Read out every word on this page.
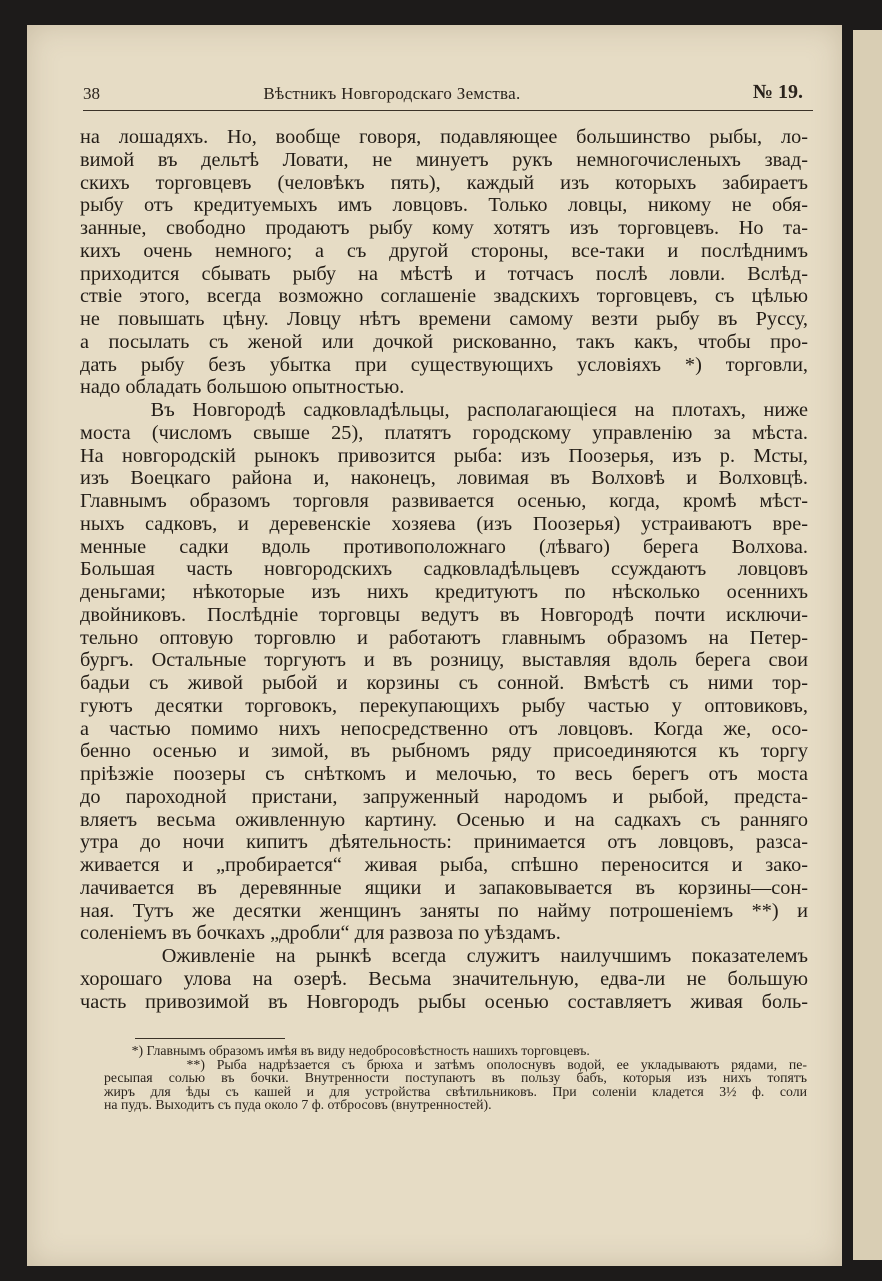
38	Вѣстникъ Новгородскаго Земства.	№ 19.
на лошадяхъ. Но, вообще говоря, подавляющее большинство рыбы, ло-
вимой въ дельтѣ Ловати, не минуетъ рукъ немногочисленыхъ звад-
скихъ торговцевъ (человѣкъ пять), каждый изъ которыхъ забираетъ
рыбу отъ кредитуемыхъ имъ ловцовъ. Только ловцы, никому не обя-
занные, свободно продаютъ рыбу кому хотятъ изъ торговцевъ. Но та-
кихъ очень немного; а съ другой стороны, все-таки и послѣднимъ
приходится сбывать рыбу на мѣстѣ и тотчасъ послѣ ловли. Вслѣд-
ствіе этого, всегда возможно соглашеніе звадскихъ торговцевъ, съ цѣлью
не повышать цѣну. Ловцу нѣтъ времени самому везти рыбу въ Руссу,
а посылать съ женой или дочкой рискованно, такъ какъ, чтобы про-
дать рыбу безъ убытка при существующихъ условіяхъ *) торговли,
надо обладать большою опытностью.
Въ Новгородѣ садковладѣльцы, располагающіеся на плотахъ, ниже
моста (числомъ свыше 25), платятъ городскому управленію за мѣста.
На новгородскій рынокъ привозится рыба: изъ Поозерья, изъ р. Мсты,
изъ Воецкаго района и, наконецъ, ловимая въ Волховѣ и Волховцѣ.
Главнымъ образомъ торговля развивается осенью, когда, кромѣ мѣст-
ныхъ садковъ, и деревенскіе хозяева (изъ Поозерья) устраиваютъ вре-
менные садки вдоль противоположнаго (лѣваго) берега Волхова.
Большая часть новгородскихъ садковладѣльцевъ ссуждаютъ ловцовъ
деньгами; нѣкоторые изъ нихъ кредитуютъ по нѣсколько осеннихъ
двойниковъ. Послѣдніе торговцы ведутъ въ Новгородѣ почти исключи-
тельно оптовую торговлю и работаютъ главнымъ образомъ на Петер-
бургъ. Остальные торгуютъ и въ розницу, выставляя вдоль берега свои
бадьи съ живой рыбой и корзины съ сонной. Вмѣстѣ съ ними тор-
гуютъ десятки торговокъ, перекупающихъ рыбу частью у оптовиковъ,
а частью помимо нихъ непосредственно отъ ловцовъ. Когда же, осо-
бенно осенью и зимой, въ рыбномъ ряду присоединяются къ торгу
пріѣзжіе поозеры съ снѣткомъ и мелочью, то весь берегъ отъ моста
до пароходной пристани, запруженный народомъ и рыбой, предста-
вляетъ весьма оживленную картину. Осенью и на садкахъ съ ранняго
утра до ночи кипитъ дѣятельность: принимается отъ ловцовъ, разса-
живается и „пробирается“ живая рыба, спѣшно переносится и зако-
лачивается въ деревянные ящики и запаковывается въ корзины—сон-
ная. Тутъ же десятки женщинъ заняты по найму потрошеніемъ **) и
соленіемъ въ бочкахъ „дробли“ для развоза по уѣздамъ.
Оживленіе на рынкѣ всегда служитъ наилучшимъ показателемъ
хорошаго улова на озерѣ. Весьма значительную, едва-ли не большую
часть привозимой въ Новгородъ рыбы осенью составляетъ живая боль-
*) Главнымъ образомъ имѣя въ виду недобросовѣстность нашихъ торговцевъ.
**) Рыба надрѣзается съ брюха и затѣмъ ополоснувъ водой, ее укладываютъ рядами, пе-
ресыпая солью въ бочки. Внутренности поступаютъ въ пользу бабъ, которыя изъ нихъ топятъ
жиръ для ѣды съ кашей и для устройства свѣтильниковъ. При соленіи кладется 3½ ф. соли
на пудъ. Выходитъ съ пуда около 7 ф. отбросовъ (внутренностей).
